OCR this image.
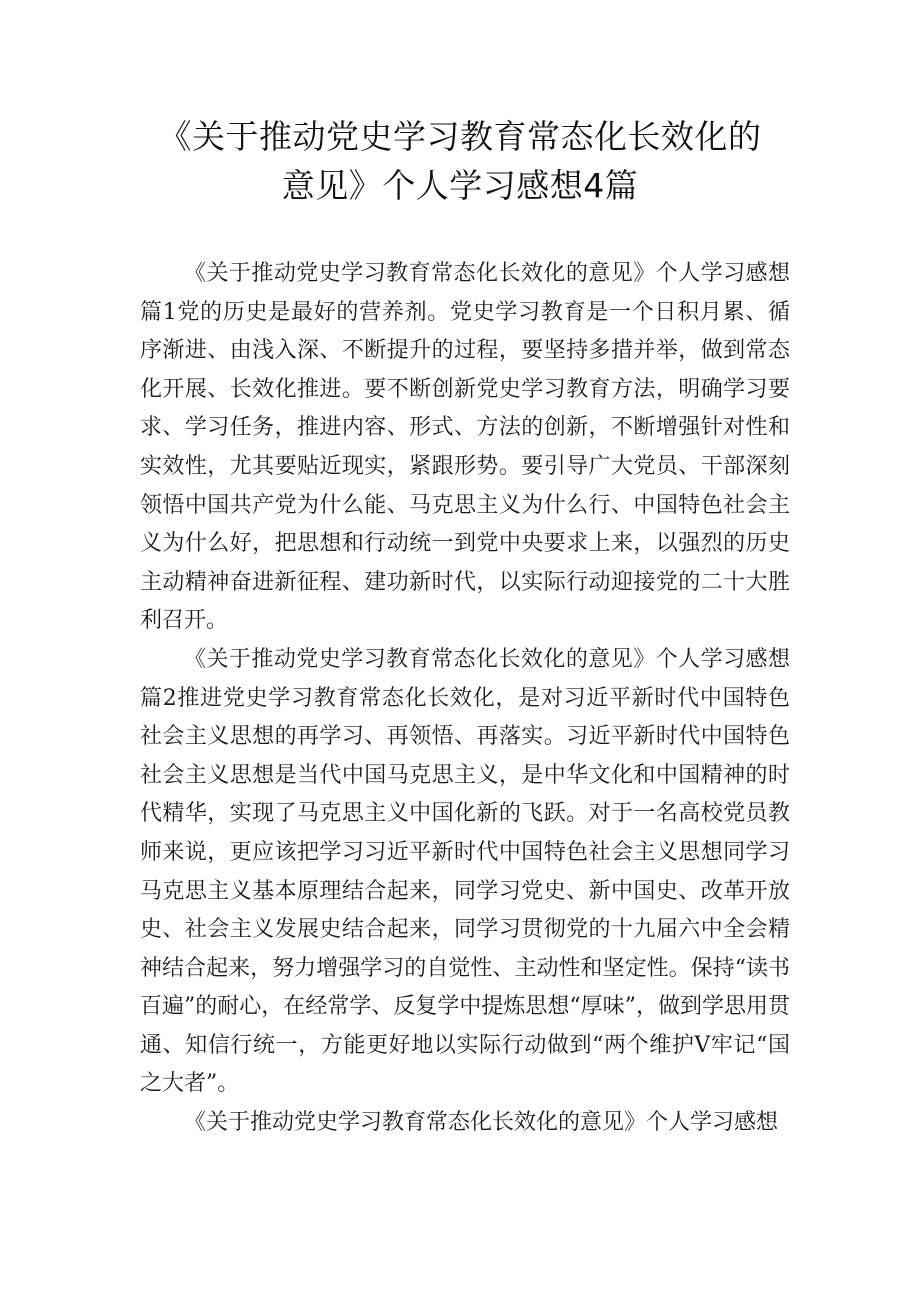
《关于推动党史学习教育常态化长效化的
意见》个人学习感想4篇

《关于推动党史学习教育常态化长效化的意见》个人学习感想篇1党的历史是最好的营养剂。党史学习教育是一个日积月累、循序渐进、由浅入深、不断提升的过程，要坚持多措并举，做到常态化开展、长效化推进。要不断创新党史学习教育方法，明确学习要求、学习任务，推进内容、形式、方法的创新，不断增强针对性和实效性，尤其要贴近现实，紧跟形势。要引导广大党员、干部深刻领悟中国共产党为什么能、马克思主义为什么行、中国特色社会主义为什么好，把思想和行动统一到党中央要求上来，以强烈的历史主动精神奋进新征程、建功新时代，以实际行动迎接党的二十大胜利召开。

《关于推动党史学习教育常态化长效化的意见》个人学习感想篇2推进党史学习教育常态化长效化，是对习近平新时代中国特色社会主义思想的再学习、再领悟、再落实。习近平新时代中国特色社会主义思想是当代中国马克思主义，是中华文化和中国精神的时代精华，实现了马克思主义中国化新的飞跃。对于一名高校党员教师来说，更应该把学习习近平新时代中国特色社会主义思想同学习马克思主义基本原理结合起来，同学习党史、新中国史、改革开放史、社会主义发展史结合起来，同学习贯彻党的十九届六中全会精神结合起来，努力增强学习的自觉性、主动性和坚定性。保持“读书百遍”的耐心，在经常学、反复学中提炼思想“厚味”，做到学思用贯通、知信行统一，方能更好地以实际行动做到“两个维护V牢记“国之大者”。

《关于推动党史学习教育常态化长效化的意见》个人学习感想
